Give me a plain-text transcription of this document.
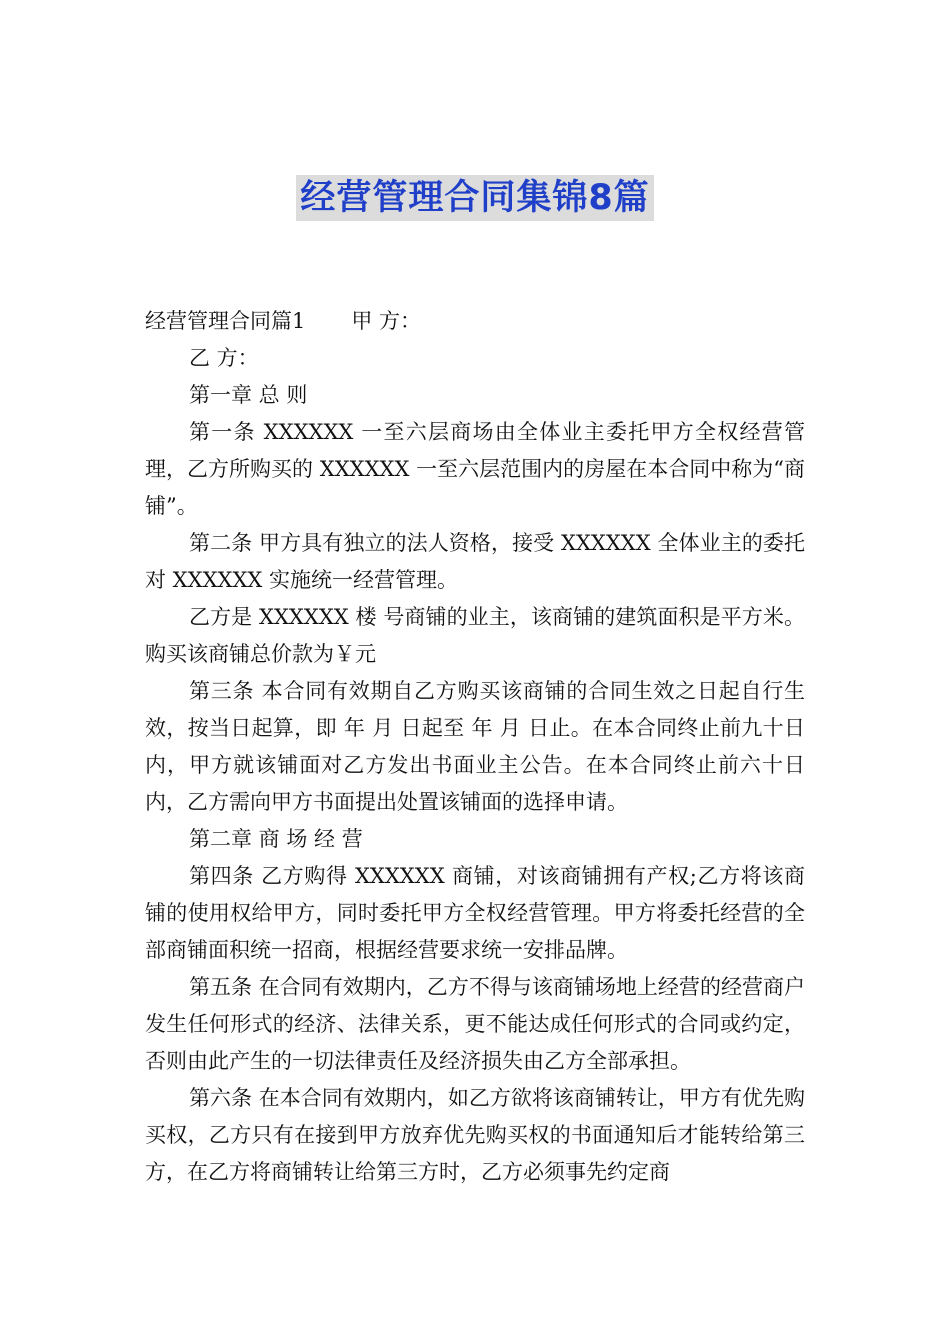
经营管理合同集锦8篇

经营管理合同篇1 甲 方：

乙 方：

第一章 总 则

第一条 XXXXXX 一至六层商场由全体业主委托甲方全权经营管理，乙方所购买的 XXXXXX 一至六层范围内的房屋在本合同中称为“商铺”。

第二条 甲方具有独立的法人资格，接受 XXXXXX 全体业主的委托对 XXXXXX 实施统一经营管理。

乙方是 XXXXXX 楼 号商铺的业主，该商铺的建筑面积是平方米。购买该商铺总价款为￥元

第三条 本合同有效期自乙方购买该商铺的合同生效之日起自行生效，按当日起算，即 年 月 日起至 年 月 日止。在本合同终止前九十日内，甲方就该铺面对乙方发出书面业主公告。在本合同终止前六十日内，乙方需向甲方书面提出处置该铺面的选择申请。

第二章 商 场 经 营

第四条 乙方购得 XXXXXX 商铺，对该商铺拥有产权;乙方将该商铺的使用权给甲方，同时委托甲方全权经营管理。甲方将委托经营的全部商铺面积统一招商，根据经营要求统一安排品牌。

第五条 在合同有效期内，乙方不得与该商铺场地上经营的经营商户发生任何形式的经济、法律关系，更不能达成任何形式的合同或约定，否则由此产生的一切法律责任及经济损失由乙方全部承担。

第六条 在本合同有效期内，如乙方欲将该商铺转让，甲方有优先购买权，乙方只有在接到甲方放弃优先购买权的书面通知后才能转给第三方，在乙方将商铺转让给第三方时，乙方必须事先约定商
